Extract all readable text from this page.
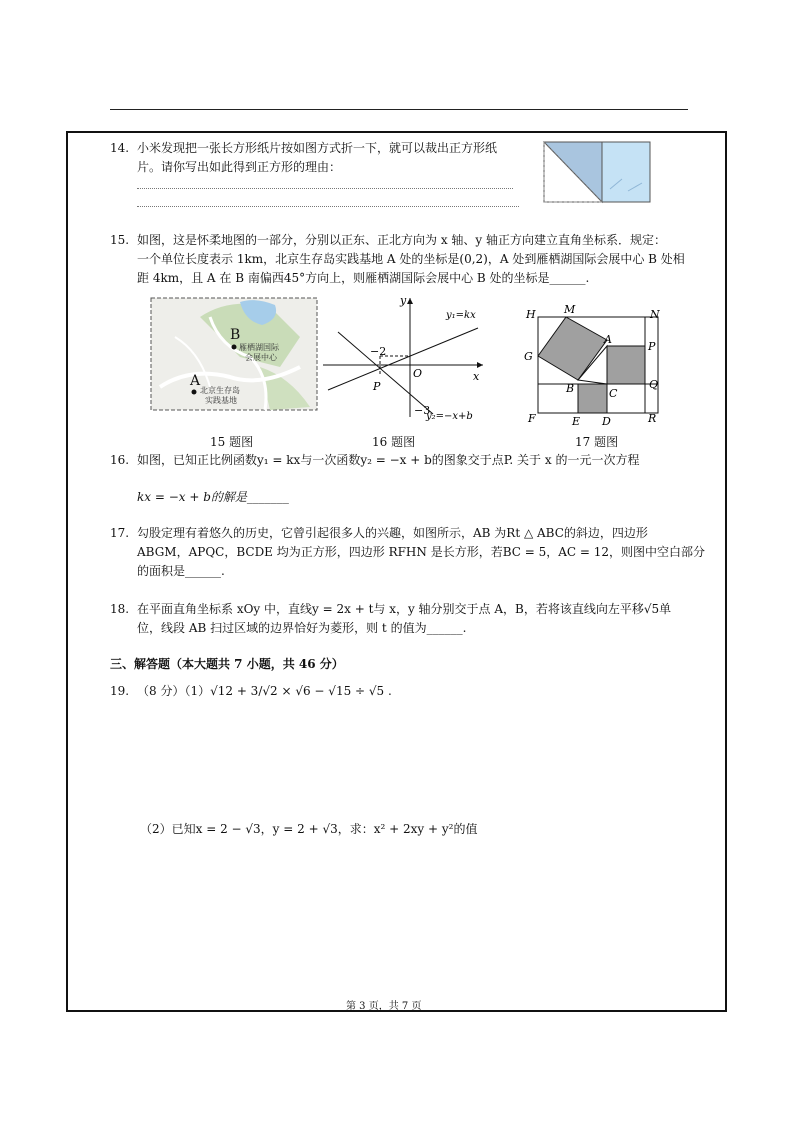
14. 小米发现把一张长方形纸片按如图方式折一下，就可以裁出正方形纸
片。请你写出如此得到正方形的理由：
15. 如图，这是怀柔地图的一部分，分别以正东、正北方向为 x 轴、y 轴正方向建立直角坐标系．规定：
一个单位长度表示 1km，北京生存岛实践基地 A 处的坐标是(0,2)，A 处到雁栖湖国际会展中心 B 处相
距 4km，且 A 在 B 南偏西45°方向上，则雁栖湖国际会展中心 B 处的坐标是______.
B
A
雁栖湖国际
会展中心
北京生存岛
实践基地
y
x
O
−2
−3
P
y₁=kx
y₂=−x+b
H	M	N
A
P
G
B	C
Q
F	E D	R
15 题图	16 题图	17 题图
16. 如图，已知正比例函数y₁ = kx与一次函数y₂ = −x + b的图象交于点P. 关于 x 的一元一次方程
kx = −x + b的解是_______
17. 勾股定理有着悠久的历史，它曾引起很多人的兴趣，如图所示，AB 为Rt △ ABC的斜边，四边形
ABGM，APQC，BCDE 均为正方形，四边形 RFHN 是长方形，若BC = 5，AC = 12，则图中空白部分
的面积是______.
18. 在平面直角坐标系 xOy 中，直线y = 2x + t与 x，y 轴分别交于点 A，B，若将该直线向左平移√5单
位，线段 AB 扫过区域的边界恰好为菱形，则 t 的值为______.
三、解答题（本大题共 7 小题，共 46 分）
19. （8 分）（1）√12 + 3/√2 × √6 − √15 ÷ √5 .
（2）已知x = 2 − √3，y = 2 + √3，求：x² + 2xy + y²的值
第 3 页，共 7 页
